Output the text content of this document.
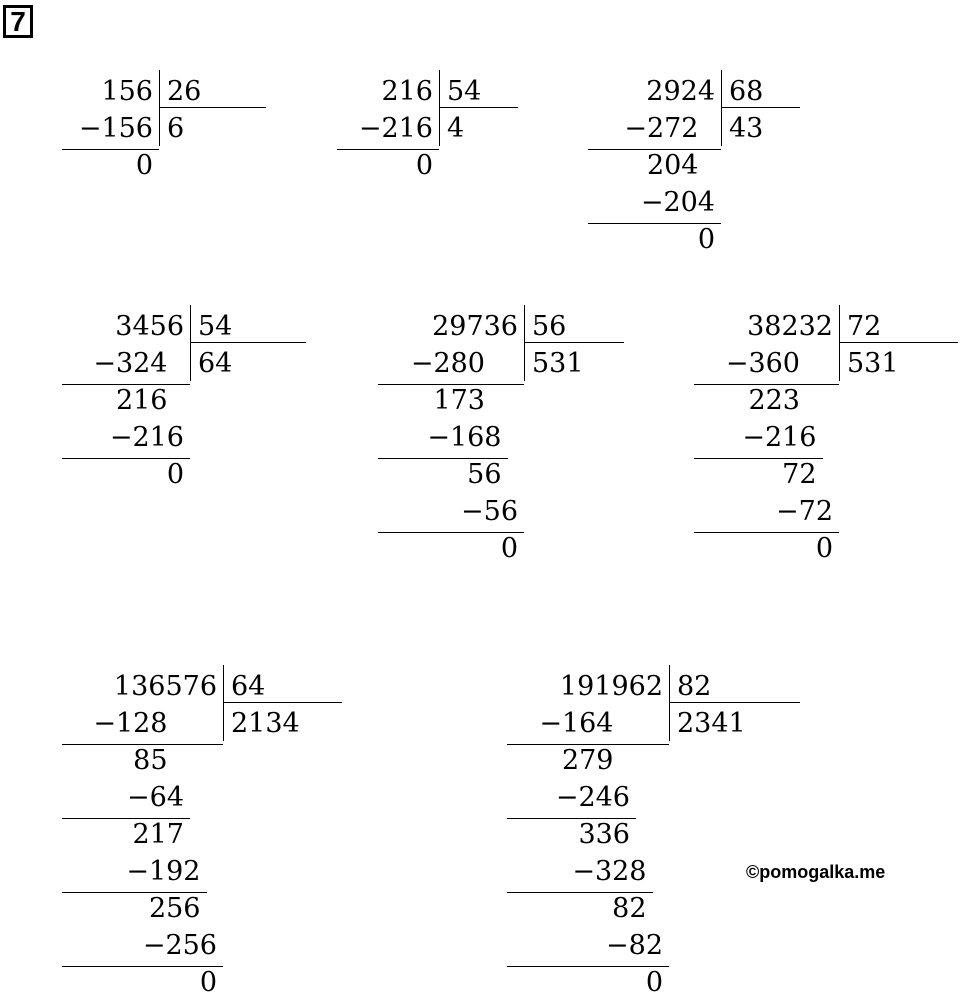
7
©pomogalka.me
156 26
6
−156
0
216 54
4
−216
0
2924 68
43
−272
204
−204
0
3456 54
64
−324
216
−216
0
29736 56
531
−280
173
−168
56
−56
0
38232 72
531
−360
223
−216
72
−72
0
136576 64
2134
−128
85
−64
217
−192
256
−256
0
191962 82
2341
−164
279
−246
336
−328
82
−82
0
